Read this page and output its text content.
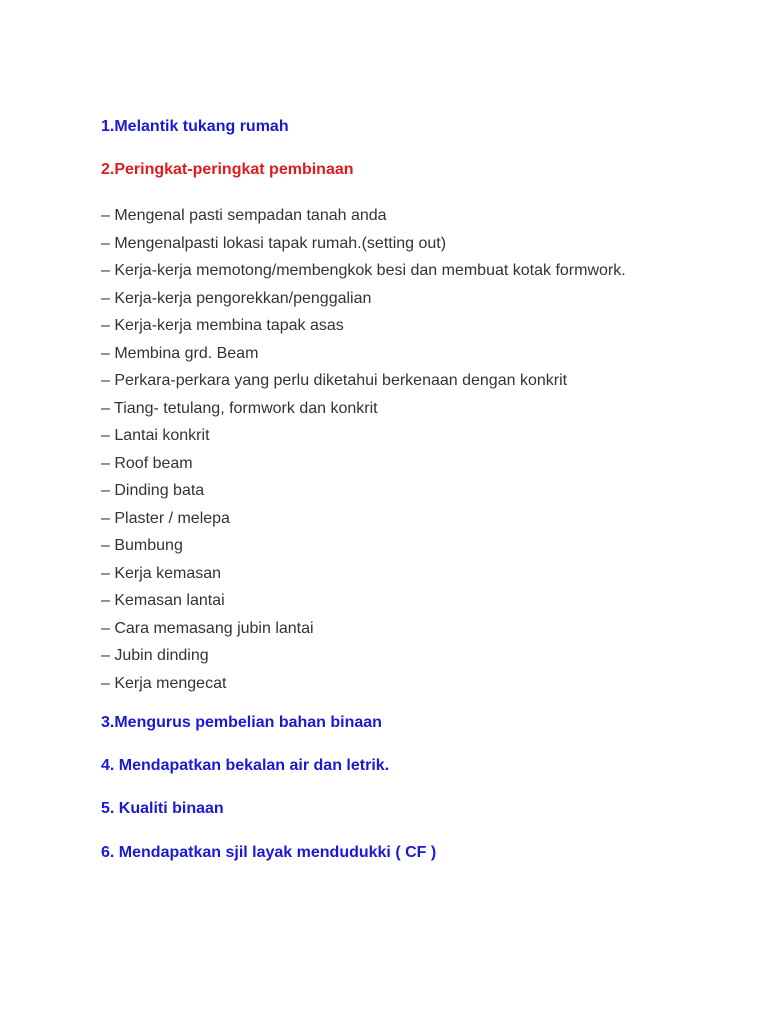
1.Melantik tukang rumah

2.Peringkat-peringkat pembinaan

– Mengenal pasti sempadan tanah anda
– Mengenalpasti lokasi tapak rumah.(setting out)
– Kerja-kerja memotong/membengkok besi dan membuat kotak formwork.
– Kerja-kerja pengorekkan/penggalian
– Kerja-kerja membina tapak asas
– Membina grd. Beam
– Perkara-perkara yang perlu diketahui berkenaan dengan konkrit
– Tiang- tetulang, formwork dan konkrit
– Lantai konkrit
– Roof beam
– Dinding bata
– Plaster / melepa
– Bumbung
– Kerja kemasan
– Kemasan lantai
– Cara memasang jubin lantai
– Jubin dinding
– Kerja mengecat

3.Mengurus pembelian bahan binaan

4. Mendapatkan bekalan air dan letrik.

5. Kualiti binaan

6. Mendapatkan sjil layak mendudukki ( CF )
